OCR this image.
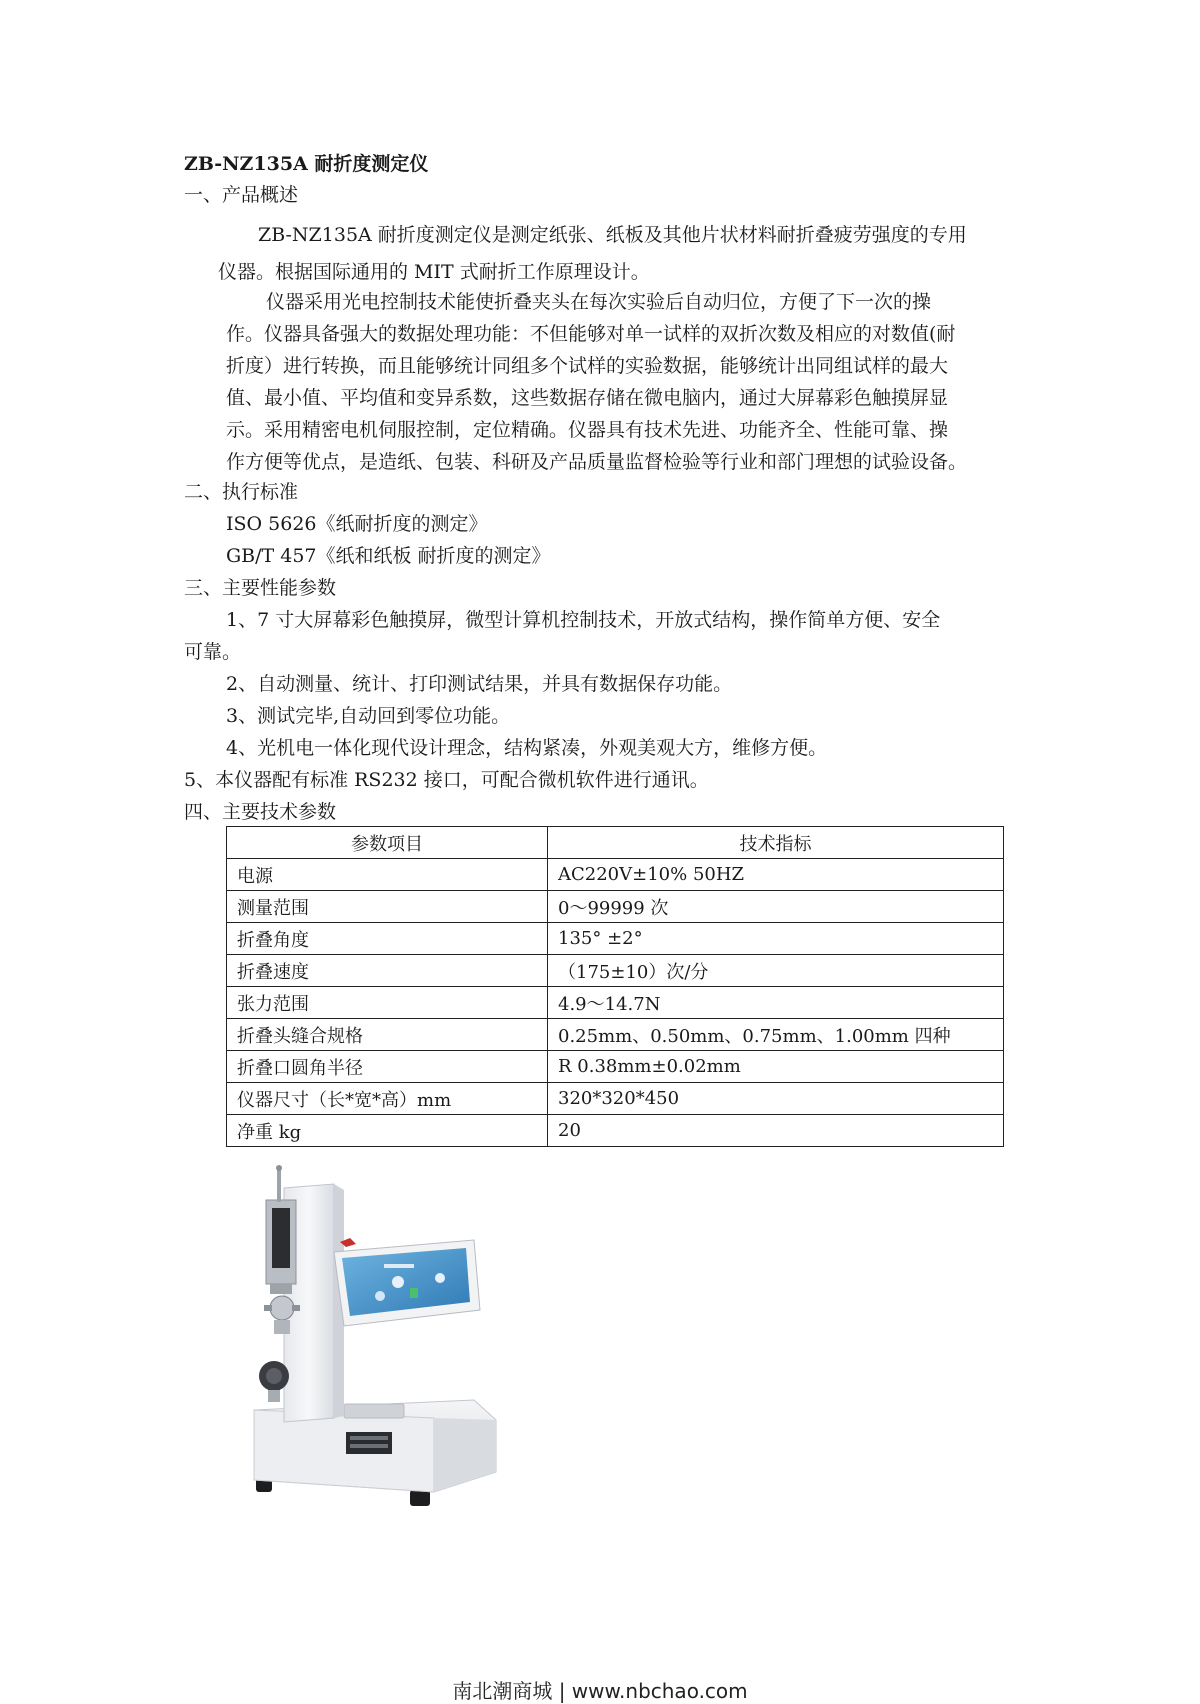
ZB-NZ135A 耐折度测定仪
一、产品概述
ZB-NZ135A 耐折度测定仪是测定纸张、纸板及其他片状材料耐折叠疲劳强度的专用
仪器。根据国际通用的 MIT 式耐折工作原理设计。
仪器采用光电控制技术能使折叠夹头在每次实验后自动归位，方便了下一次的操
作。仪器具备强大的数据处理功能：不但能够对单一试样的双折次数及相应的对数值(耐
折度）进行转换，而且能够统计同组多个试样的实验数据，能够统计出同组试样的最大
值、最小值、平均值和变异系数，这些数据存储在微电脑内，通过大屏幕彩色触摸屏显
示。采用精密电机伺服控制，定位精确。仪器具有技术先进、功能齐全、性能可靠、操
作方便等优点，是造纸、包装、科研及产品质量监督检验等行业和部门理想的试验设备。
二、执行标准
ISO 5626《纸耐折度的测定》
GB/T 457《纸和纸板 耐折度的测定》
三、主要性能参数
1、7 寸大屏幕彩色触摸屏，微型计算机控制技术，开放式结构，操作简单方便、安全
可靠。
2、自动测量、统计、打印测试结果，并具有数据保存功能。
3、测试完毕,自动回到零位功能。
4、光机电一体化现代设计理念，结构紧凑，外观美观大方，维修方便。
5、本仪器配有标准 RS232 接口，可配合微机软件进行通讯。
四、主要技术参数
参数项目	技术指标
电源	AC220V±10% 50HZ
测量范围	0～99999 次
折叠角度	135° ±2°
折叠速度	（175±10）次/分
张力范围	4.9～14.7N
折叠头缝合规格	0.25mm、0.50mm、0.75mm、1.00mm 四种
折叠口圆角半径	R 0.38mm±0.02mm
仪器尺寸（长*宽*高）mm	320*320*450
净重 kg	20
南北潮商城 | www.nbchao.com
